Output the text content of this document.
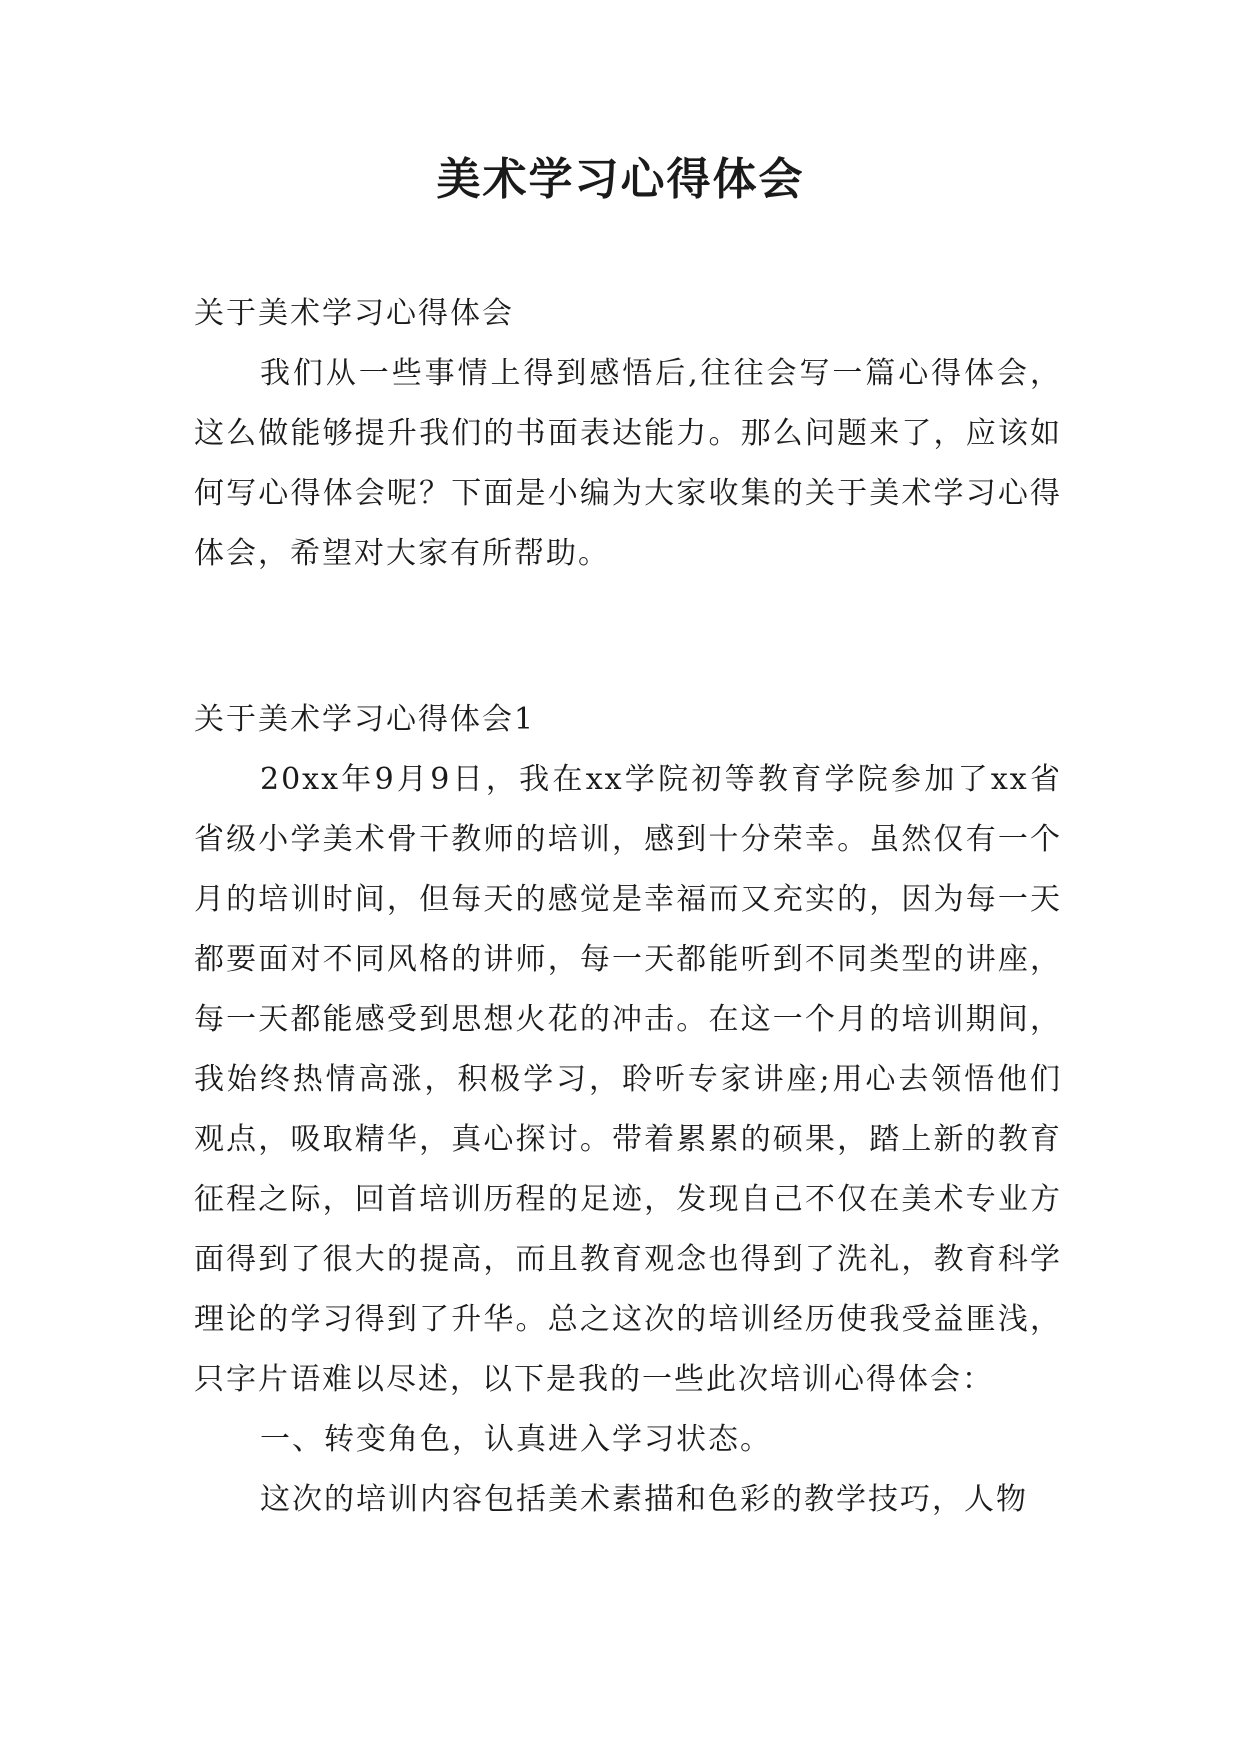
美术学习心得体会

关于美术学习心得体会

我们从一些事情上得到感悟后,往往会写一篇心得体会，这么做能够提升我们的书面表达能力。那么问题来了，应该如何写心得体会呢？下面是小编为大家收集的关于美术学习心得体会，希望对大家有所帮助。

关于美术学习心得体会1

20xx年9月9日，我在xx学院初等教育学院参加了xx省省级小学美术骨干教师的培训，感到十分荣幸。虽然仅有一个月的培训时间，但每天的感觉是幸福而又充实的，因为每一天都要面对不同风格的讲师，每一天都能听到不同类型的讲座，每一天都能感受到思想火花的冲击。在这一个月的培训期间，我始终热情高涨，积极学习，聆听专家讲座;用心去领悟他们观点，吸取精华，真心探讨。带着累累的硕果，踏上新的教育征程之际，回首培训历程的足迹，发现自己不仅在美术专业方面得到了很大的提高，而且教育观念也得到了洗礼，教育科学理论的学习得到了升华。总之这次的培训经历使我受益匪浅，只字片语难以尽述，以下是我的一些此次培训心得体会：

一、转变角色，认真进入学习状态。

这次的培训内容包括美术素描和色彩的教学技巧，人物
